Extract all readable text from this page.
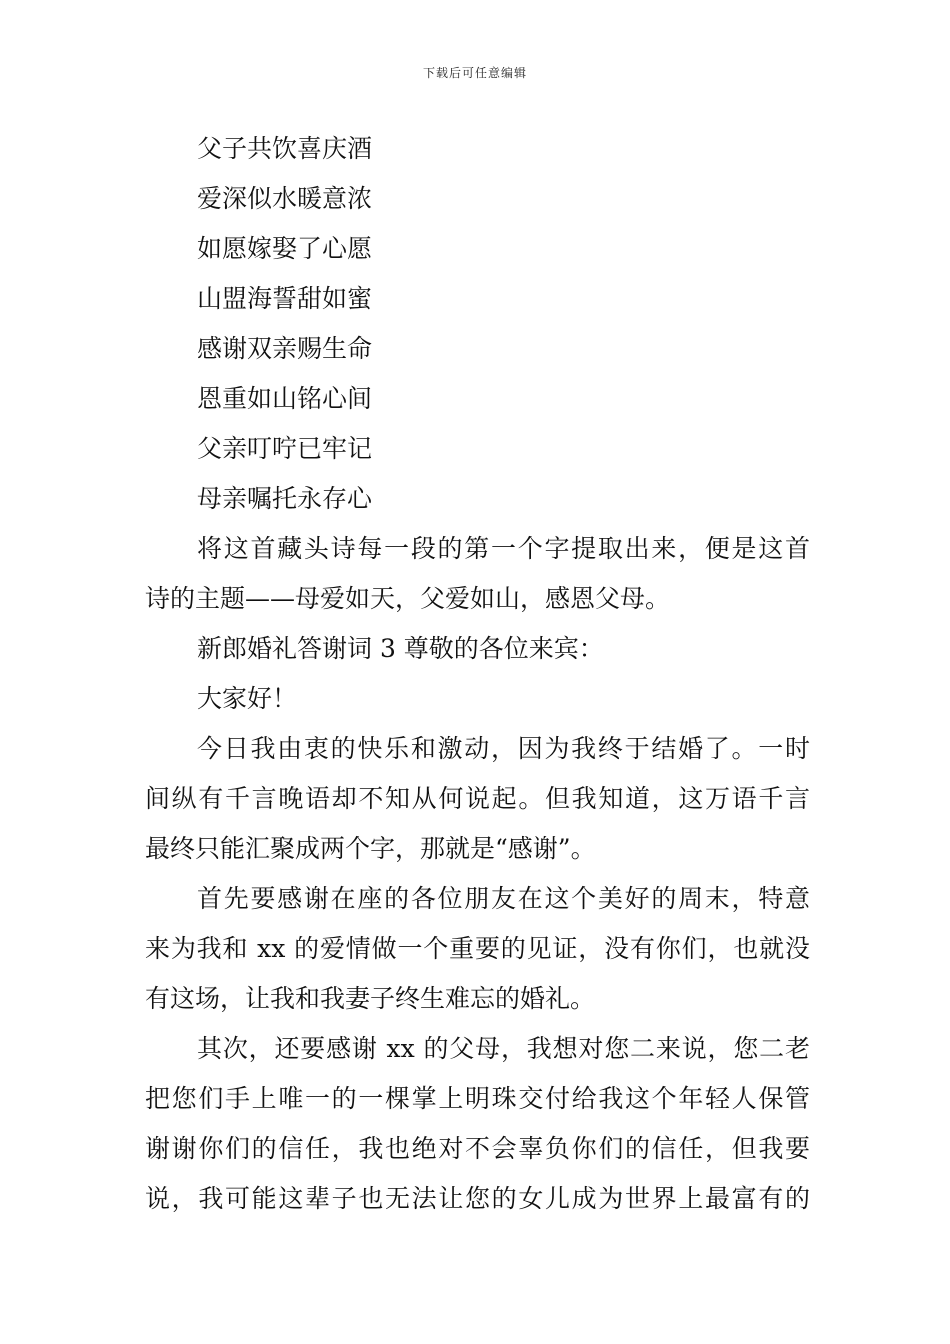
下载后可任意编辑
父子共饮喜庆酒
爱深似水暖意浓
如愿嫁娶了心愿
山盟海誓甜如蜜
感谢双亲赐生命
恩重如山铭心间
父亲叮咛已牢记
母亲嘱托永存心
将这首藏头诗每一段的第一个字提取出来，便是这首
诗的主题——母爱如天，父爱如山，感恩父母。
新郎婚礼答谢词 3 尊敬的各位来宾：
大家好！
今日我由衷的快乐和激动，因为我终于结婚了。一时
间纵有千言晚语却不知从何说起。但我知道，这万语千言
最终只能汇聚成两个字，那就是“感谢”。
首先要感谢在座的各位朋友在这个美好的周末，特意
来为我和 xx 的爱情做一个重要的见证，没有你们，也就没
有这场，让我和我妻子终生难忘的婚礼。
其次，还要感谢 xx 的父母，我想对您二来说，您二老
把您们手上唯一的一棵掌上明珠交付给我这个年轻人保管
谢谢你们的信任，我也绝对不会辜负你们的信任，但我要
说，我可能这辈子也无法让您的女儿成为世界上最富有的
